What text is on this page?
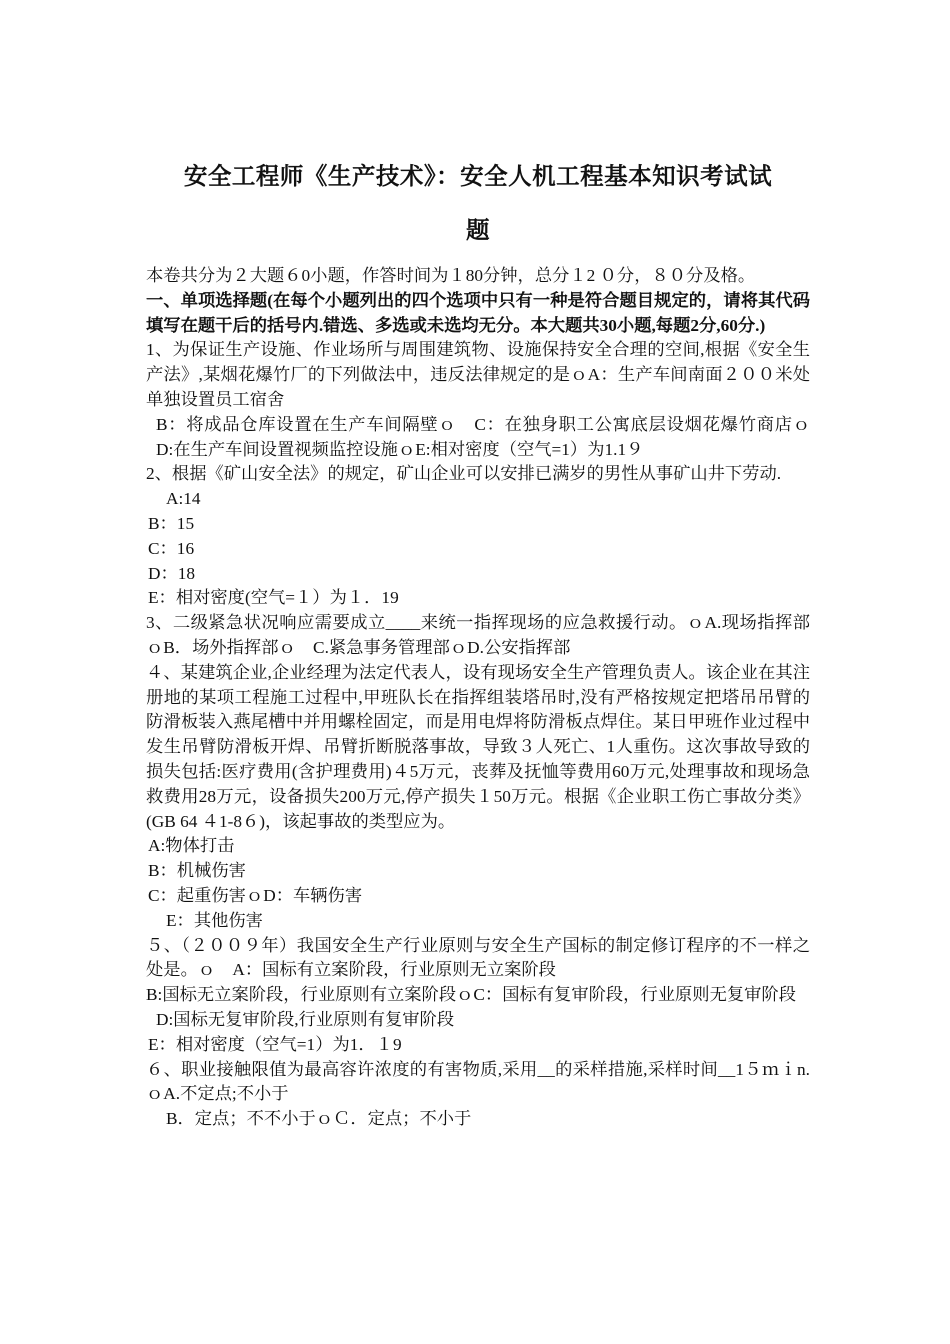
安全工程师《生产技术》：安全人机工程基本知识考试试
题

本卷共分为２大题６0小题，作答时间为１80分钟，总分１2 ０分，８０分及格。

一、单项选择题(在每个小题列出的四个选项中只有一种是符合题目规定的，请将其代码填写在题干后的括号内.错选、多选或未选均无分。本大题共30小题,每题2分,60分.)

1、为保证生产设施、作业场所与周围建筑物、设施保持安全合理的空间,根据《安全生产法》,某烟花爆竹厂的下列做法中，违反法律规定的是ｏA：生产车间南面２００米处单独设置员工宿舍

B：将成品仓库设置在生产车间隔壁ｏ　C：在独身职工公寓底层设烟花爆竹商店ｏ　D:在生产车间设置视频监控设施ｏE:相对密度（空气=1）为1.1９

2、根据《矿山安全法》的规定，矿山企业可以安排已满岁的男性从事矿山井下劳动.

A:14

B：15

C：16

D：18

E：相对密度(空气=１）为１．19

3、二级紧急状况响应需要成立____来统一指挥现场的应急救援行动。ｏA.现场指挥部ｏB．场外指挥部ｏ　C.紧急事务管理部ｏD.公安指挥部

４、某建筑企业,企业经理为法定代表人，设有现场安全生产管理负责人。该企业在其注册地的某项工程施工过程中,甲班队长在指挥组装塔吊时,没有严格按规定把塔吊吊臂的防滑板装入燕尾槽中并用螺栓固定，而是用电焊将防滑板点焊住。某日甲班作业过程中发生吊臂防滑板开焊、吊臂折断脱落事故，导致３人死亡、1人重伤。这次事故导致的损失包括:医疗费用(含护理费用)４5万元，丧葬及抚恤等费用60万元,处理事故和现场急救费用28万元，设备损失200万元,停产损失１50万元。根据《企业职工伤亡事故分类》(GB 64 ４1-8６)，该起事故的类型应为。

A:物体打击

B：机械伤害

C：起重伤害ｏD：车辆伤害

E：其他伤害

５、（２００９年）我国安全生产行业原则与安全生产国标的制定修订程序的不一样之处是。ｏ　A：国标有立案阶段，行业原则无立案阶段

B:国标无立案阶段，行业原则有立案阶段ｏC：国标有复审阶段，行业原则无复审阶段

D:国标无复审阶段,行业原则有复审阶段

E：相对密度（空气=1）为1．１9

６、职业接触限值为最高容许浓度的有害物质,采用__的采样措施,采样时间__1５ｍｉn.ｏA.不定点;不小于

B．定点；不不小于ｏＣ．定点；不小于
